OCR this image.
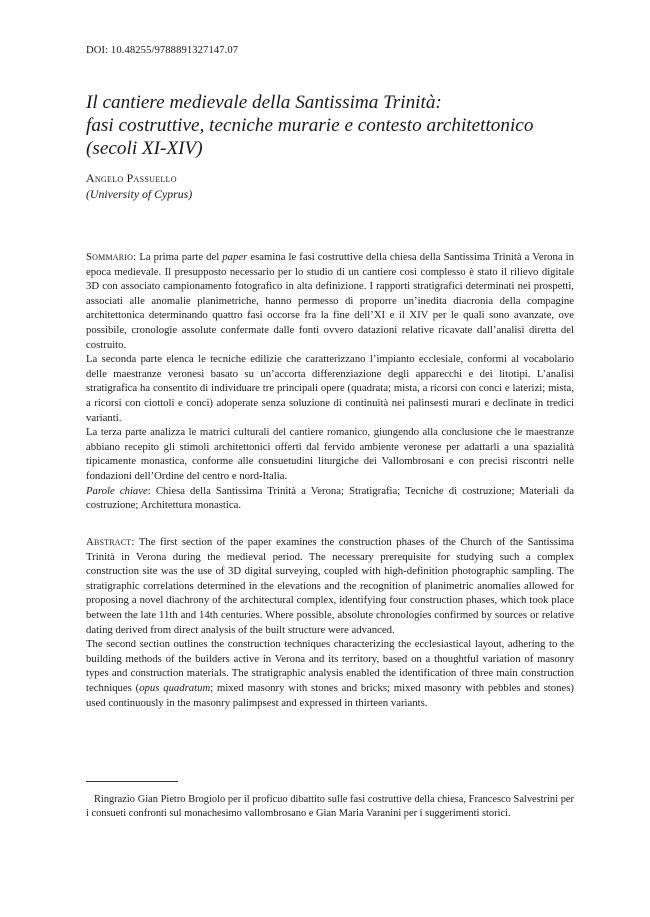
DOI: 10.48255/9788891327147.07
Il cantiere medievale della Santissima Trinità:
fasi costruttive, tecniche murarie e contesto architettonico
(secoli XI-XIV)
Angelo Passuello
(University of Cyprus)

Sommario: La prima parte del paper esamina le fasi costruttive della chiesa della Santissima Trinità a Verona in epoca medievale. Il presupposto necessario per lo studio di un cantiere così complesso è stato il rilievo digitale 3D con associato campionamento fotografico in alta definizione. I rapporti stratigrafici determinati nei prospetti, associati alle anomalie planimetriche, hanno permesso di proporre un’inedita diacronia della compagine architettonica determinando quattro fasi occorse fra la fine dell’XI e il XIV per le quali sono avanzate, ove possibile, cronologie assolute confermate dalle fonti ovvero datazioni relative ricavate dall’analisi diretta del costruito.

La seconda parte elenca le tecniche edilizie che caratterizzano l’impianto ecclesiale, conformi al vocabolario delle maestranze veronesi basato su un’accorta differenziazione degli apparecchi e dei litotipi. L’analisi stratigrafica ha consentito di individuare tre principali opere (quadrata; mista, a ricorsi con conci e laterizi; mista, a ricorsi con ciottoli e conci) adoperate senza soluzione di continuità nei palinsesti murari e declinate in tredici varianti.

La terza parte analizza le matrici culturali del cantiere romanico, giungendo alla conclusione che le maestranze abbiano recepito gli stimoli architettonici offerti dal fervido ambiente veronese per adattarli a una spazialità tipicamente monastica, conforme alle consuetudini liturgiche dei Vallombrosani e con precisi riscontri nelle fondazioni dell’Ordine del centro e nord-Italia.

Parole chiave: Chiesa della Santissima Trinità a Verona; Stratigrafia; Tecniche di costruzione; Materiali da costruzione; Architettura monastica.

Abstract: The first section of the paper examines the construction phases of the Church of the Santissima Trinità in Verona during the medieval period. The necessary prerequisite for studying such a complex construction site was the use of 3D digital surveying, coupled with high-definition photographic sampling. The stratigraphic correlations determined in the elevations and the recognition of planimetric anomalies allowed for proposing a novel diachrony of the architectural complex, identifying four construction phases, which took place between the late 11th and 14th centuries. Where possible, absolute chronologies confirmed by sources or relative dating derived from direct analysis of the built structure were advanced.

The second section outlines the construction techniques characterizing the ecclesiastical layout, adhering to the building methods of the builders active in Verona and its territory, based on a thoughtful variation of masonry types and construction materials. The stratigraphic analysis enabled the identification of three main construction techniques (opus quadratum; mixed masonry with stones and bricks; mixed masonry with pebbles and stones) used continuously in the masonry palimpsest and expressed in thirteen variants.

Ringrazio Gian Pietro Brogiolo per il proficuo dibattito sulle fasi costruttive della chiesa, Francesco Salvestrini per i consueti confronti sul monachesimo vallombrosano e Gian Maria Varanini per i suggerimenti storici.
